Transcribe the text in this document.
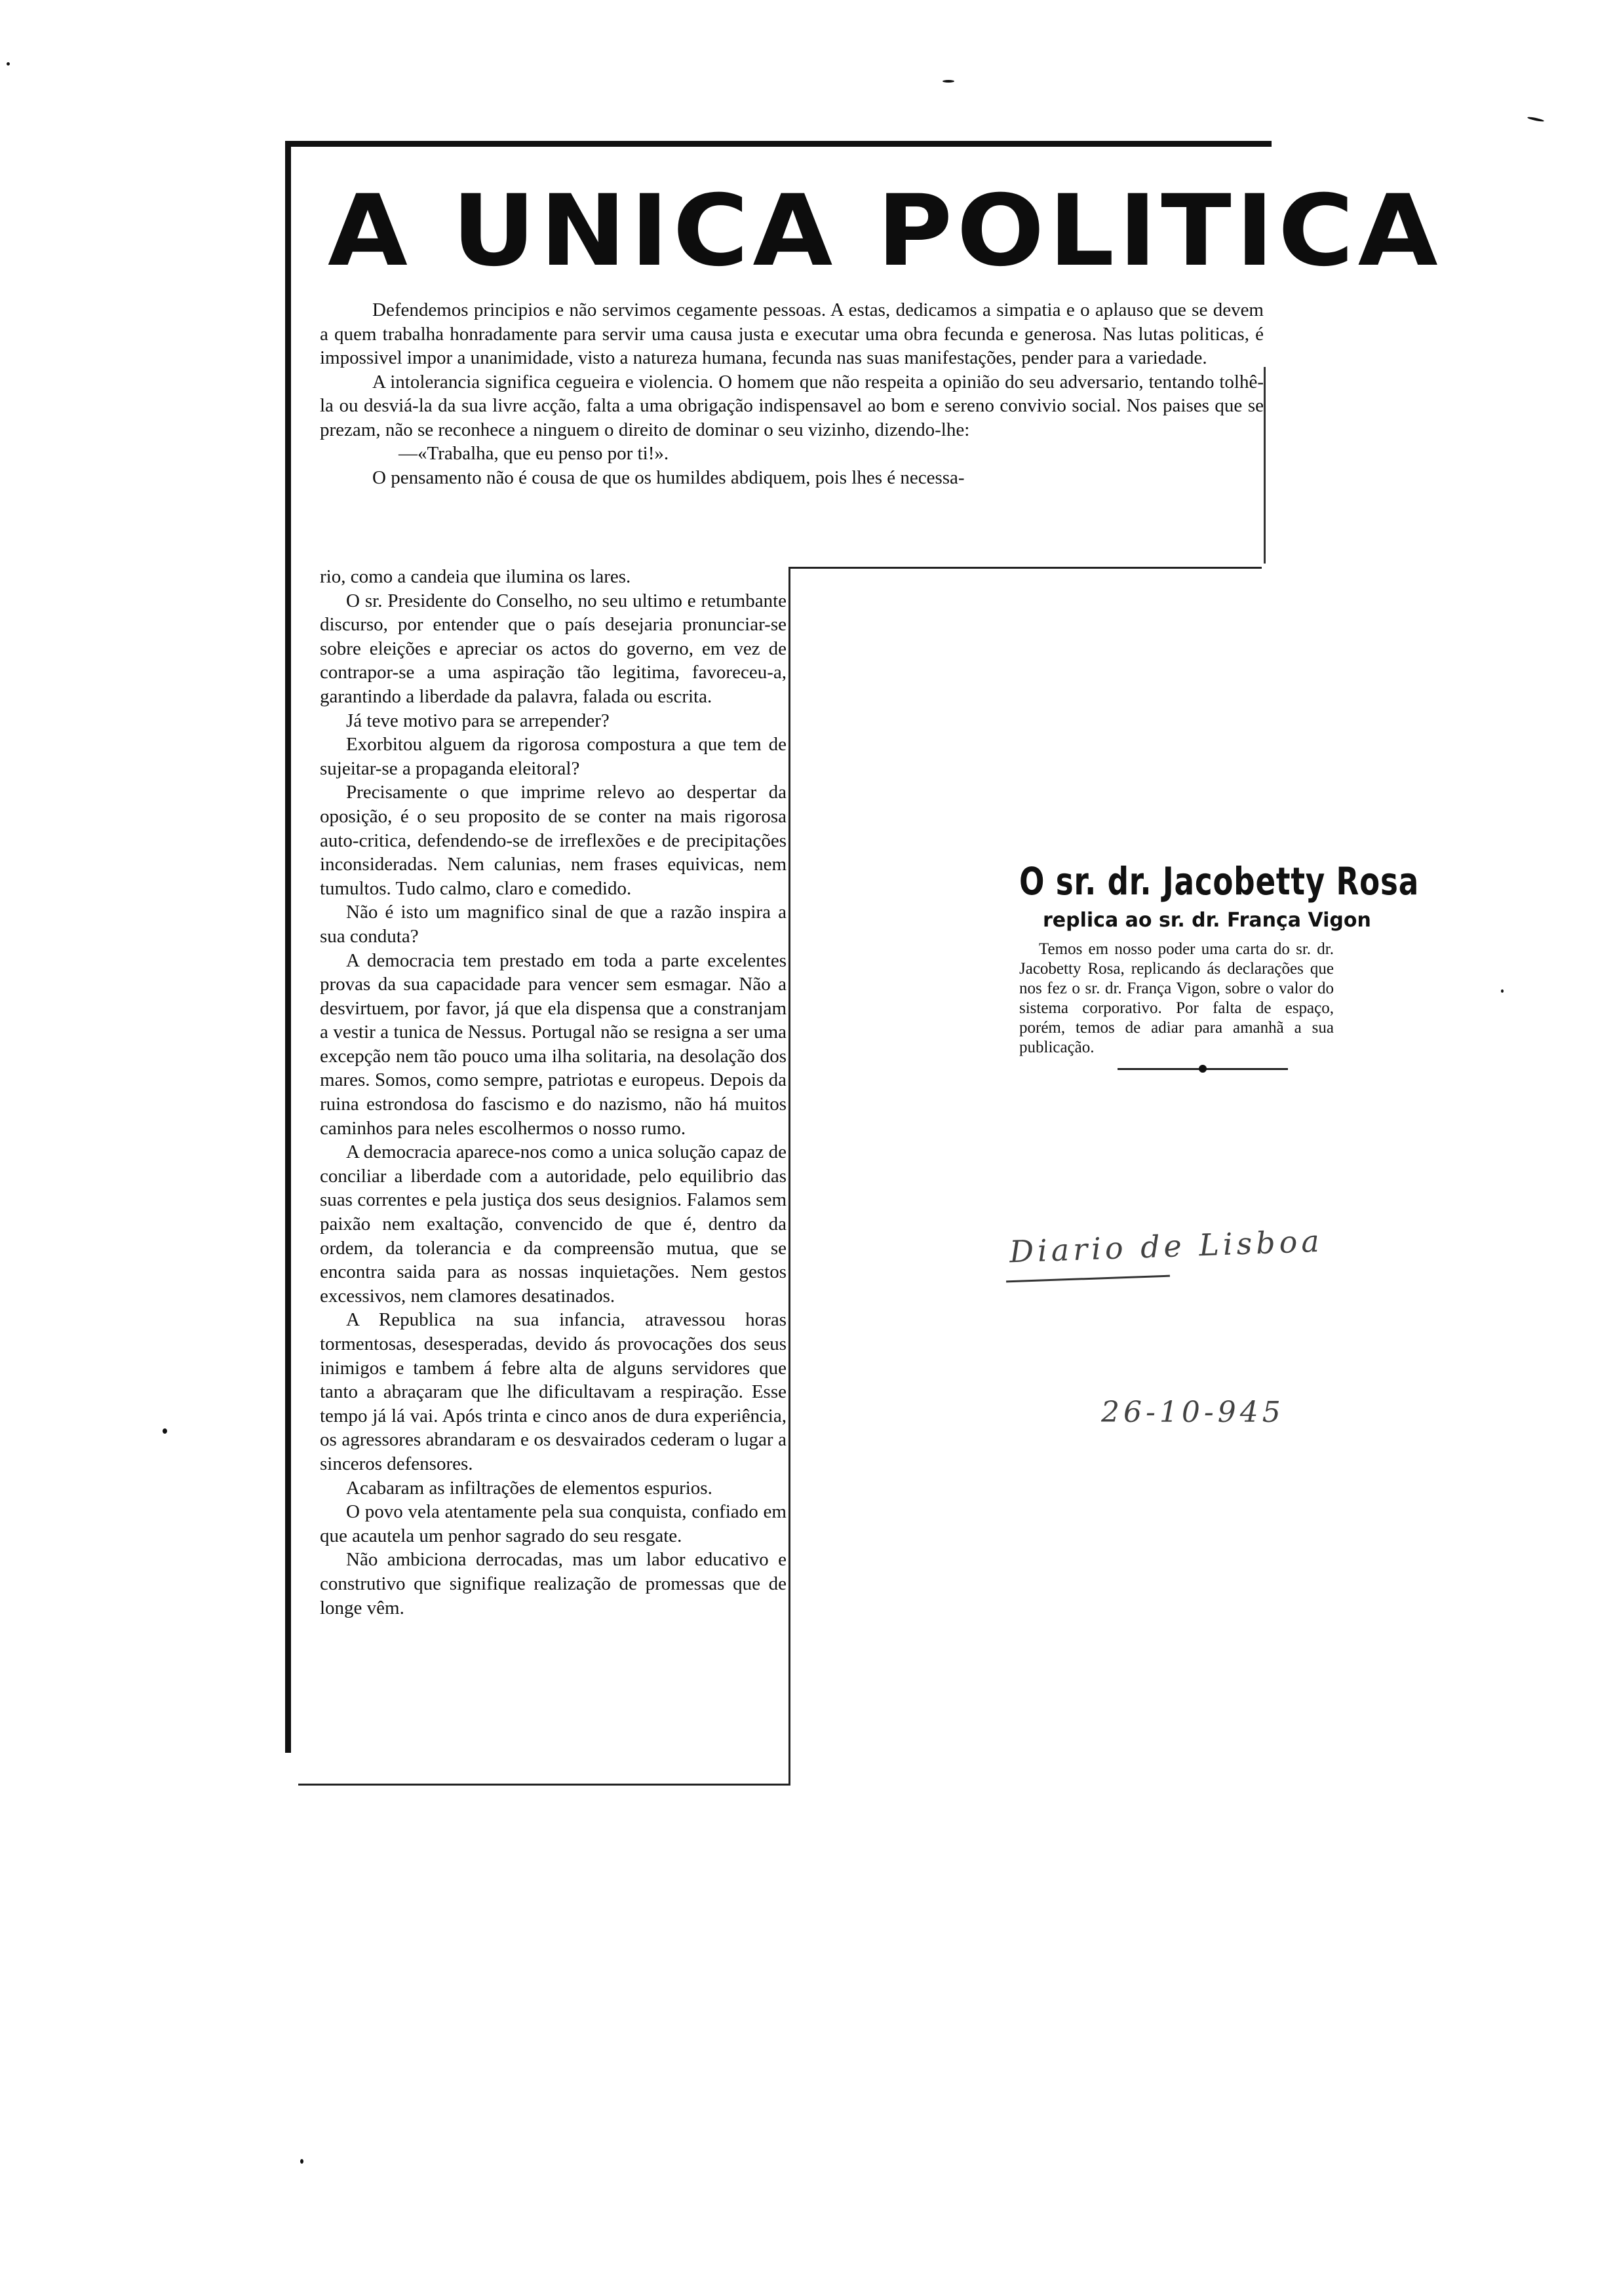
A UNICA POLITICA

Defendemos principios e não servimos cegamente pessoas. A estas, dedicamos a simpatia e o aplauso que se devem a quem trabalha honradamente para servir uma causa justa e executar uma obra fecunda e generosa. Nas lutas politicas, é impossivel impor a unanimidade, visto a natureza humana, fecunda nas suas manifestações, pender para a variedade.

A intolerancia significa cegueira e violencia. O homem que não respeita a opinião do seu adversario, tentando tolhê-la ou desviá-la da sua livre acção, falta a uma obrigação indispensavel ao bom e sereno convivio social. Nos paises que se prezam, não se reconhece a ninguem o direito de dominar o seu vizinho, dizendo-lhe:

—«Trabalha, que eu penso por ti!».

O pensamento não é cousa de que os humildes abdiquem, pois lhes é necessa-

rio, como a candeia que ilumina os lares.

O sr. Presidente do Conselho, no seu ultimo e retumbante discurso, por entender que o país desejaria pronunciar-se sobre eleições e apreciar os actos do governo, em vez de contrapor-se a uma aspiração tão legitima, favoreceu-a, garantindo a liberdade da palavra, falada ou escrita.

Já teve motivo para se arrepender?

Exorbitou alguem da rigorosa compostura a que tem de sujeitar-se a propaganda eleitoral?

Precisamente o que imprime relevo ao despertar da oposição, é o seu proposito de se conter na mais rigorosa auto-critica, defendendo-se de irreflexões e de precipitações inconsideradas. Nem calunias, nem frases equivicas, nem tumultos. Tudo calmo, claro e comedido.

Não é isto um magnifico sinal de que a razão inspira a sua conduta?

A democracia tem prestado em toda a parte excelentes provas da sua capacidade para vencer sem esmagar. Não a desvirtuem, por favor, já que ela dispensa que a constranjam a vestir a tunica de Nessus. Portugal não se resigna a ser uma excepção nem tão pouco uma ilha solitaria, na desolação dos mares. Somos, como sempre, patriotas e europeus. Depois da ruina estrondosa do fascismo e do nazismo, não há muitos caminhos para neles escolhermos o nosso rumo.

A democracia aparece-nos como a unica solução capaz de conciliar a liberdade com a autoridade, pelo equilibrio das suas correntes e pela justiça dos seus designios. Falamos sem paixão nem exaltação, convencido de que é, dentro da ordem, da tolerancia e da compreensão mutua, que se encontra saida para as nossas inquietações. Nem gestos excessivos, nem clamores desatinados.

A Republica na sua infancia, atravessou horas tormentosas, desesperadas, devido ás provocações dos seus inimigos e tambem á febre alta de alguns servidores que tanto a abraçaram que lhe dificultavam a respiração. Esse tempo já lá vai. Após trinta e cinco anos de dura experiência, os agressores abrandaram e os desvairados cederam o lugar a sinceros defensores.

Acabaram as infiltrações de elementos espurios.

O povo vela atentamente pela sua conquista, confiado em que acautela um penhor sagrado do seu resgate.

Não ambiciona derrocadas, mas um labor educativo e construtivo que signifique realização de promessas que de longe vêm.

O sr. dr. Jacobetty Rosa
replica ao sr. dr. França Vigon

Temos em nosso poder uma carta do sr. dr. Jacobetty Rosa, replicando ás declarações que nos fez o sr. dr. França Vigon, sobre o valor do sistema corporativo. Por falta de espaço, porém, temos de adiar para amanhã a sua publicação.

Diario de Lisboa
26-10-945
